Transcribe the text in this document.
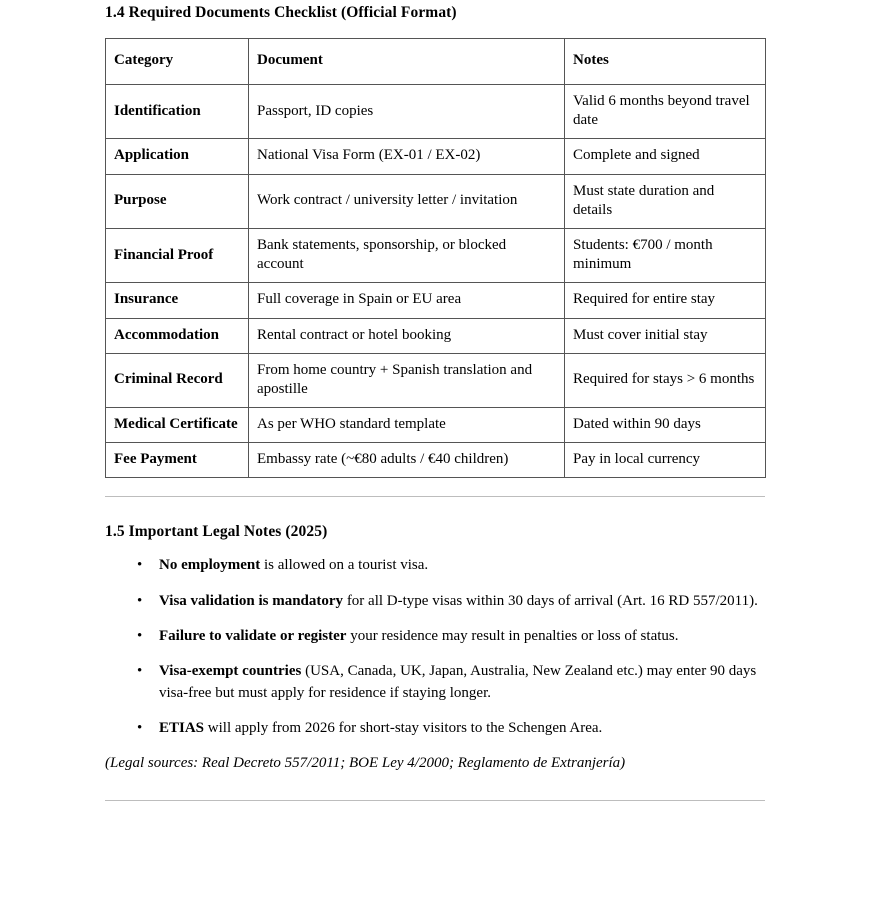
1.4 Required Documents Checklist (Official Format)
Category	Document	Notes
Identification	Passport, ID copies	Valid 6 months beyond travel date
Application	National Visa Form (EX-01 / EX-02)	Complete and signed
Purpose	Work contract / university letter / invitation	Must state duration and details
Financial Proof	Bank statements, sponsorship, or blocked account	Students: €700 / month minimum
Insurance	Full coverage in Spain or EU area	Required for entire stay
Accommodation	Rental contract or hotel booking	Must cover initial stay
Criminal Record	From home country + Spanish translation and apostille	Required for stays > 6 months
Medical Certificate	As per WHO standard template	Dated within 90 days
Fee Payment	Embassy rate (~€80 adults / €40 children)	Pay in local currency
1.5 Important Legal Notes (2025)
• No employment is allowed on a tourist visa.
• Visa validation is mandatory for all D-type visas within 30 days of arrival (Art. 16 RD 557/2011).
• Failure to validate or register your residence may result in penalties or loss of status.
• Visa-exempt countries (USA, Canada, UK, Japan, Australia, New Zealand etc.) may enter 90 days visa-free but must apply for residence if staying longer.
• ETIAS will apply from 2026 for short-stay visitors to the Schengen Area.
(Legal sources: Real Decreto 557/2011; BOE Ley 4/2000; Reglamento de Extranjería)
